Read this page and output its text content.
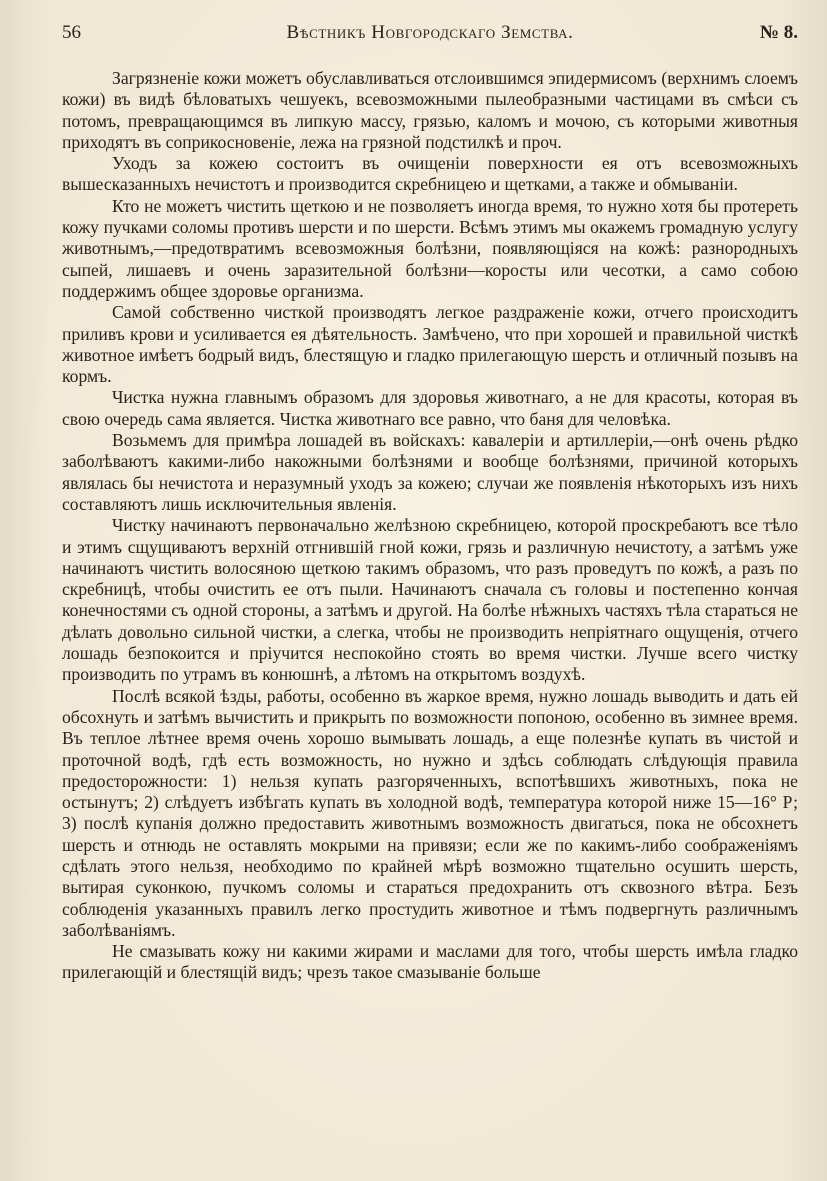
56	Вѣстникъ Новгородскаго Земства.	№ 8.

Загрязненіе кожи можетъ обуславливаться отслоившимся эпидермисомъ (верхнимъ слоемъ кожи) въ видѣ бѣловатыхъ чешуекъ, всевозможными пылеобразными частицами въ смѣси съ потомъ, превращающимся въ липкую массу, грязью, каломъ и мочою, съ которыми животныя приходятъ въ соприкосновеніе, лежа на грязной подстилкѣ и проч.

Уходъ за кожею состоитъ въ очищеніи поверхности ея отъ всевозможныхъ вышесказанныхъ нечистотъ и производится скребницею и щетками, а также и обмываніи.

Кто не можетъ чистить щеткою и не позволяетъ иногда время, то нужно хотя бы протереть кожу пучками соломы противъ шерсти и по шерсти. Всѣмъ этимъ мы окажемъ громадную услугу животнымъ,—предотвратимъ всевозможныя болѣзни, появляющіяся на кожѣ: разнородныхъ сыпей, лишаевъ и очень заразительной болѣзни—коросты или чесотки, а само собою поддержимъ общее здоровье организма.

Самой собственно чисткой производятъ легкое раздраженіе кожи, отчего происходитъ приливъ крови и усиливается ея дѣятельность. Замѣчено, что при хорошей и правильной чисткѣ животное имѣетъ бодрый видъ, блестящую и гладко прилегающую шерсть и отличный позывъ на кормъ.

Чистка нужна главнымъ образомъ для здоровья животнаго, а не для красоты, которая въ свою очередь сама является. Чистка животнаго все равно, что баня для человѣка.

Возьмемъ для примѣра лошадей въ войскахъ: кавалеріи и артиллеріи,—онѣ очень рѣдко заболѣваютъ какими-либо накожными болѣзнями и вообще болѣзнями, причиной которыхъ являлась бы нечистота и неразумный уходъ за кожею; случаи же появленія нѣкоторыхъ изъ нихъ составляютъ лишь исключительныя явленія.

Чистку начинаютъ первоначально желѣзною скребницею, которой проскребаютъ все тѣло и этимъ сщущиваютъ верхній отгнившій гной кожи, грязь и различную нечистоту, а затѣмъ уже начинаютъ чистить волосяною щеткою такимъ образомъ, что разъ проведутъ по кожѣ, а разъ по скребницѣ, чтобы очистить ее отъ пыли. Начинаютъ сначала съ головы и постепенно кончая конечностями съ одной стороны, а затѣмъ и другой. На болѣе нѣжныхъ частяхъ тѣла стараться не дѣлать довольно сильной чистки, а слегка, чтобы не производить непріятнаго ощущенія, отчего лошадь безпокоится и пріучится неспокойно стоять во время чистки. Лучше всего чистку производить по утрамъ въ конюшнѣ, а лѣтомъ на открытомъ воздухѣ.

Послѣ всякой ѣзды, работы, особенно въ жаркое время, нужно лошадь выводить и дать ей обсохнуть и затѣмъ вычистить и прикрыть по возможности попоною, особенно въ зимнее время. Въ теплое лѣтнее время очень хорошо вымывать лошадь, а еще полезнѣе купать въ чистой и проточной водѣ, гдѣ есть возможность, но нужно и здѣсь соблюдать слѣдующія правила предосторожности: 1) нельзя купать разгоряченныхъ, вспотѣвшихъ животныхъ, пока не остынутъ; 2) слѣдуетъ избѣгать купать въ холодной водѣ, температура которой ниже 15—16° Р; 3) послѣ купанія должно предоставить животнымъ возможность двигаться, пока не обсохнетъ шерсть и отнюдь не оставлять мокрыми на привязи; если же по какимъ-либо соображеніямъ сдѣлать этого нельзя, необходимо по крайней мѣрѣ возможно тщательно осушить шерсть, вытирая суконкою, пучкомъ соломы и стараться предохранить отъ сквозного вѣтра. Безъ соблюденія указанныхъ правилъ легко простудить животное и тѣмъ подвергнуть различнымъ заболѣваніямъ.

Не смазывать кожу ни какими жирами и маслами для того, чтобы шерсть имѣла гладко прилегающій и блестящій видъ; чрезъ такое смазываніе больше
